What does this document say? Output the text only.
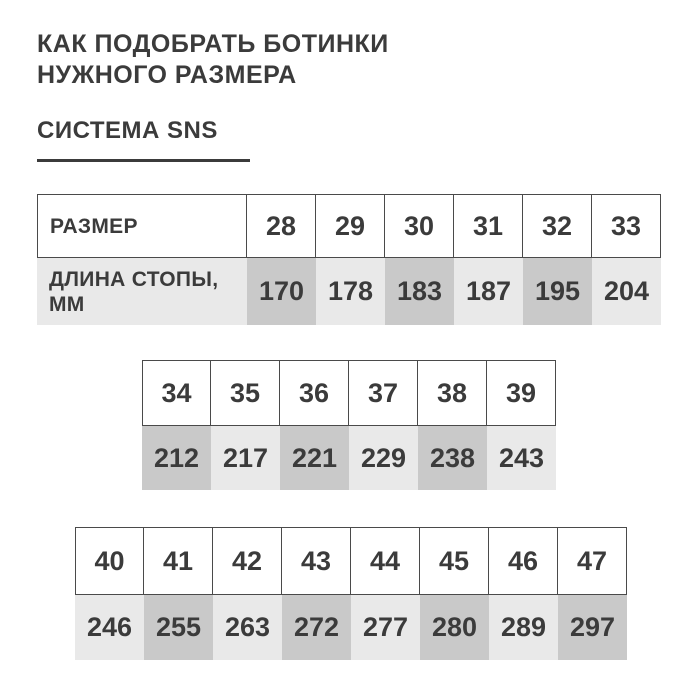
КАК ПОДОБРАТЬ БОТИНКИ
НУЖНОГО РАЗМЕРА
СИСТЕМА SNS
РАЗМЕР	28	29	30	31	32	33
ДЛИНА СТОПЫ, ММ	170 178 183 187 195 204
34	35	36	37	38	39
212 217 221 229 238 243
40	41	42	43	44	45	46	47
246 255 263 272 277 280 289 297
